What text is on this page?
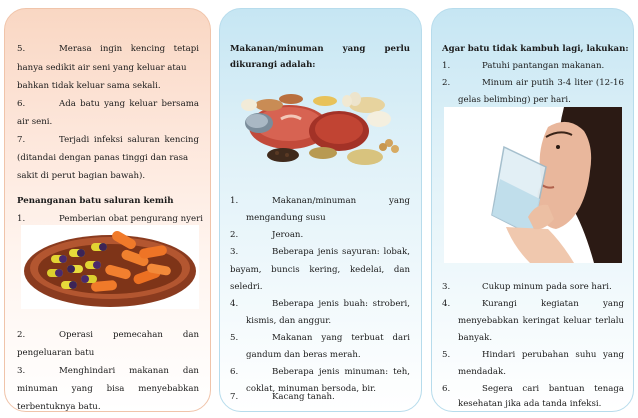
5.	Merasa ingin kencing tetapi
hanya sedikit air seni yang keluar atau
bahkan tidak keluar sama sekali.
6.	Ada batu yang keluar bersama
air seni.
7.	Terjadi infeksi saluran kencing
(ditandai dengan panas tinggi dan rasa
sakit di perut bagian bawah).
Penanganan batu saluran kemih
1.	Pemberian obat pengurang nyeri
2.	Operasi pemecahan dan
pengeluaran batu
3.	Menghindari makanan dan
minuman yang bisa menyebabkan
terbentuknya batu.
Makanan/minuman yang perlu
dikurangi adalah:
1.	Makanan/minuman	yang
mengandung susu
2.	Jeroan.
3.	Beberapa jenis sayuran: lobak,
bayam, buncis kering, kedelai, dan
seledri.
4.	Beberapa jenis buah: stroberi,
kismis, dan anggur.
5.	Makanan yang terbuat dari
gandum dan beras merah.
6.	Beberapa jenis minuman: teh,
coklat, minuman bersoda, bir.
7.	Kacang tanah.
Agar batu tidak kambuh lagi, lakukan:
1.	Patuhi pantangan makanan.
2.	Minum air putih 3-4 liter (12-16
gelas belimbing) per hari.
3.	Cukup minum pada sore hari.
4.	Kurangi	kegiatan	yang
menyebabkan keringat keluar terlalu
banyak.
5.	Hindari perubahan suhu yang
mendadak.
6.	Segera cari bantuan tenaga
kesehatan jika ada tanda infeksi.
